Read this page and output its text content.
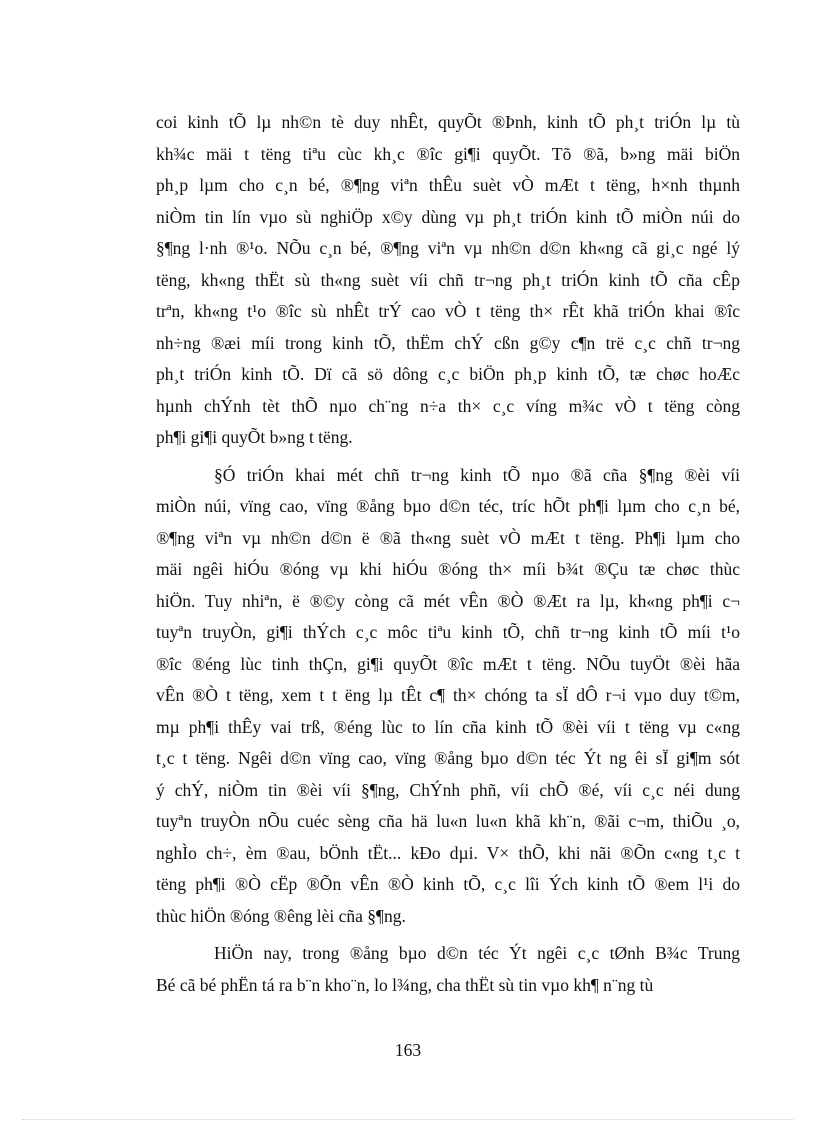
coi kinh tÕ lµ nh©n tè duy nhÊt, quyÕt ®Þnh, kinh tÕ ph¸t triÓn lµ tù
kh¾c mäi t tëng tiªu cùc kh¸c ®îc gi¶i quyÕt. Tõ ®ã, b»ng mäi biÖn
ph¸p lµm cho c¸n bé, ®¶ng viªn thÊu suèt vÒ mÆt t tëng, h×nh thµnh
niÒm tin lín vµo sù nghiÖp x©y dùng vµ ph¸t triÓn kinh tÕ miÒn núi do
§¶ng l·nh ®¹o. NÕu c¸n bé, ®¶ng viªn vµ nh©n d©n kh«ng cã gi¸c ngé lý
tëng, kh«ng thËt sù th«ng suèt víi chñ tr¬ng ph¸t triÓn kinh tÕ cña cÊp
trªn, kh«ng t¹o ®îc sù nhÊt trÝ cao vÒ t tëng th× rÊt khã triÓn khai ®îc
nh÷ng ®æi míi trong kinh tÕ, thËm chÝ cßn g©y c¶n trë c¸c chñ tr¬ng
ph¸t triÓn kinh tÕ. Dï cã sö dông c¸c biÖn ph¸p kinh tÕ, tæ chøc hoÆc
hµnh chÝnh tèt thÕ nµo ch¨ng n÷a th× c¸c víng m¾c vÒ t tëng còng
ph¶i gi¶i quyÕt b»ng t tëng.
§Ó triÓn khai mét chñ tr¬ng kinh tÕ nµo ®ã cña §¶ng ®èi víi
miÒn núi, vïng cao, vïng ®ång bµo d©n téc, tríc hÕt ph¶i lµm cho c¸n bé,
®¶ng viªn vµ nh©n d©n ë ®ã th«ng suèt vÒ mÆt t tëng. Ph¶i lµm cho
mäi ngêi hiÓu ®óng vµ khi hiÓu ®óng th× míi b¾t ®Çu tæ chøc thùc
hiÖn. Tuy nhiªn, ë ®©y còng cã mét vÊn ®Ò ®Æt ra lµ, kh«ng ph¶i c¬
tuyªn truyÒn, gi¶i thÝch c¸c môc tiªu kinh tÕ, chñ tr¬ng kinh tÕ míi t¹o
®îc ®éng lùc tinh thÇn, gi¶i quyÕt ®îc mÆt t tëng. NÕu tuyÖt ®èi hãa
vÊn ®Ò t tëng, xem t t ëng lµ tÊt c¶ th× chóng ta sÏ dÔ r¬i vµo duy t©m,
mµ ph¶i thÊy vai trß, ®éng lùc to lín cña kinh tÕ ®èi víi t tëng vµ c«ng
t¸c t tëng. Ngêi d©n vïng cao, vïng ®ång bµo d©n téc Ýt ng êi sÏ gi¶m sót
ý chÝ, niÒm tin ®èi víi §¶ng, ChÝnh phñ, víi chÕ ®é, víi c¸c néi dung
tuyªn truyÒn nÕu cuéc sèng cña hä lu«n lu«n khã kh¨n, ®ãi c¬m, thiÕu ¸o,
nghÌo ch÷, èm ®au, bÖnh tËt... kÐo dµi. V× thÕ, khi nãi ®Õn c«ng t¸c t
tëng ph¶i ®Ò cËp ®Õn vÊn ®Ò kinh tÕ, c¸c lîi Ých kinh tÕ ®em l¹i do
thùc hiÖn ®óng ®êng lèi cña §¶ng.
HiÖn nay, trong ®ång bµo d©n téc Ýt ngêi c¸c tØnh B¾c Trung
Bé cã bé phËn tá ra b¨n kho¨n, lo l¾ng, cha thËt sù tin vµo kh¶ n¨ng tù
163
